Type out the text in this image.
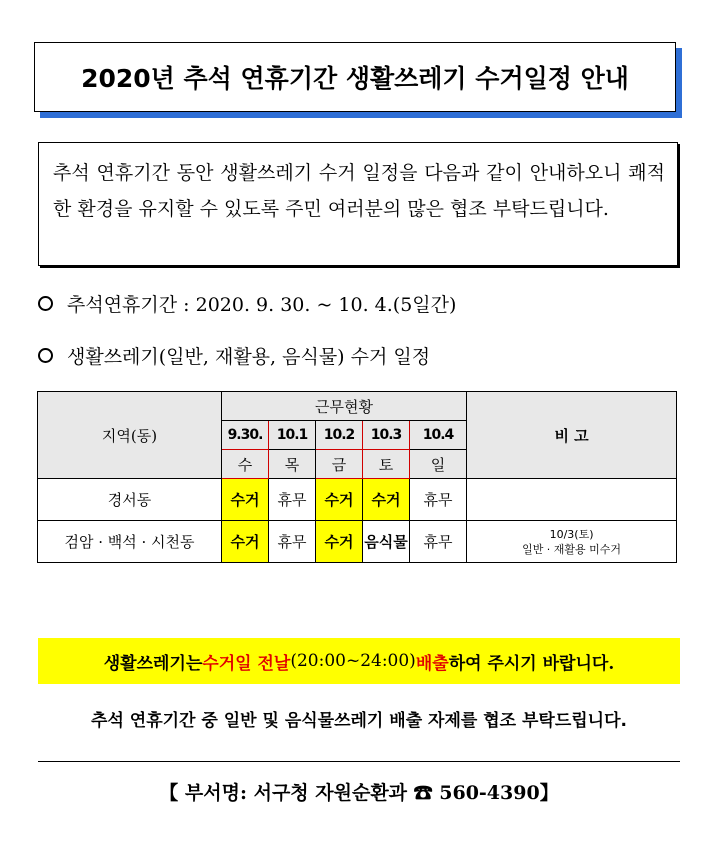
2020년 추석 연휴기간 생활쓰레기 수거일정 안내
추석 연휴기간 동안 생활쓰레기 수거 일정을 다음과 같이 안내하오니 쾌적한 환경을 유지할 수 있도록 주민 여러분의 많은 협조 부탁드립니다.
추석연휴기간 : 2020. 9. 30. ~ 10. 4.(5일간)
생활쓰레기(일반, 재활용, 음식물) 수거 일정
지역(동)	근무현황					비 고
	9.30.	10.1	10.2	10.3	10.4	
	수	목	금	토	일	
경서동	수거	휴무	수거	수거	휴무	
검암 · 백석 · 시천동	수거	휴무	수거	음식물	휴무	10/3(토)
일반 · 재활용 미수거
생활쓰레기는 수거일 전날 (20:00~24:00) 배출 하여 주시기 바랍니다.
추석 연휴기간 중 일반 및 음식물쓰레기 배출 자제를 협조 부탁드립니다.
【 부서명: 서구청 자원순환과 ☎ 560-4390】
